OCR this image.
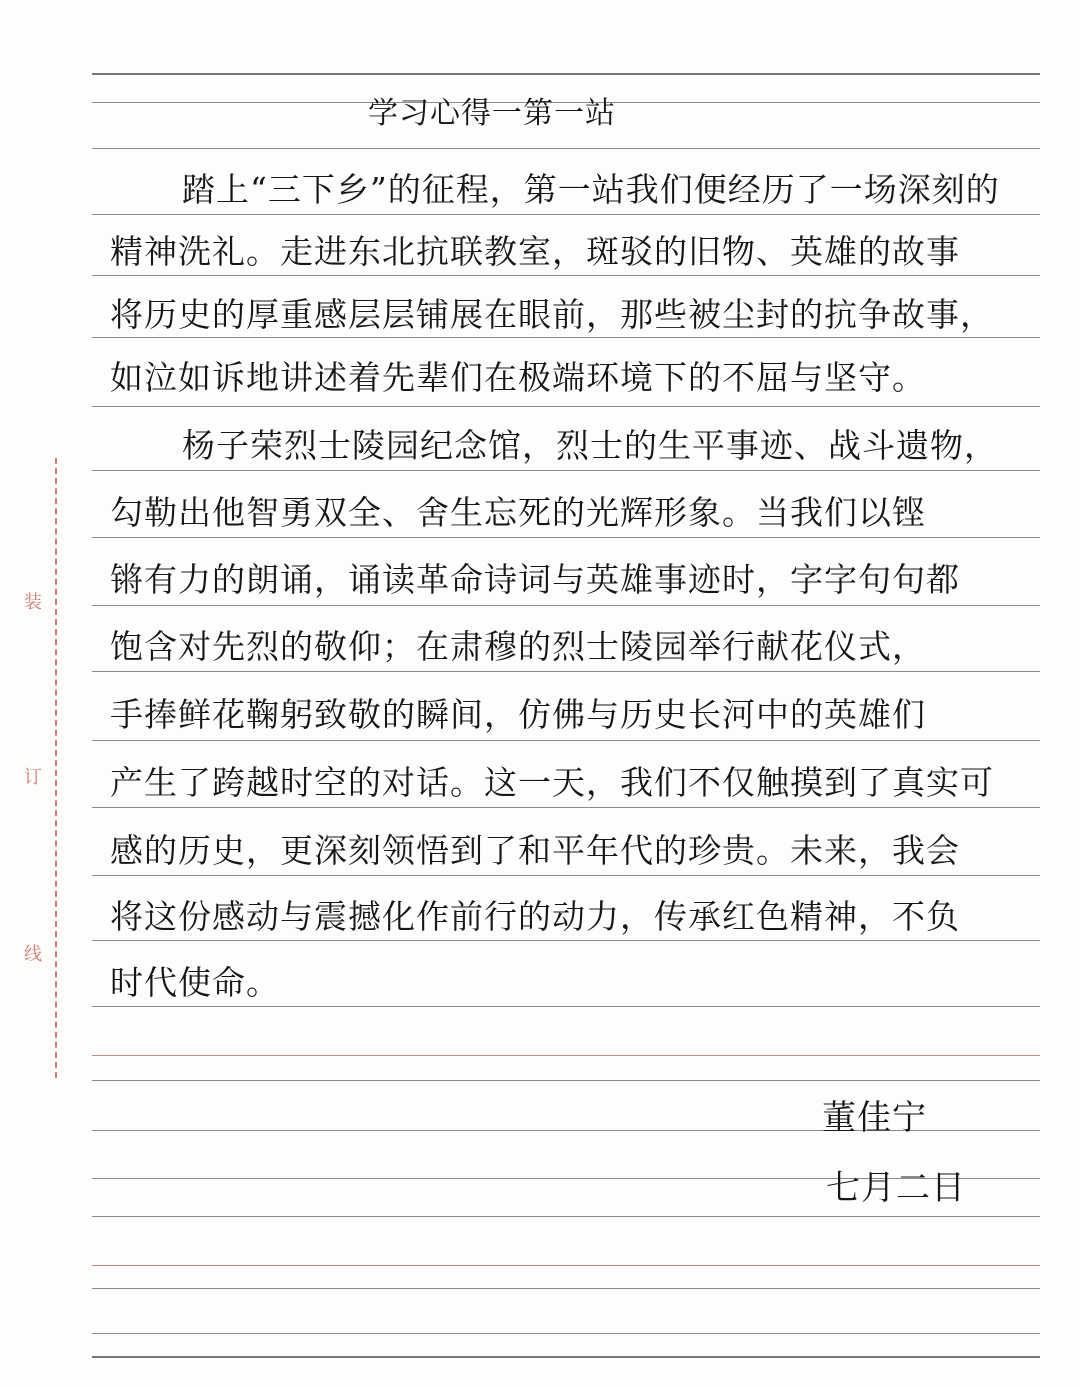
装
订
线
学习心得一第一站
踏上“三下乡”的征程，第一站我们便经历了一场深刻的
精神洗礼。走进东北抗联教室，斑驳的旧物、英雄的故事
将历史的厚重感层层铺展在眼前，那些被尘封的抗争故事，
如泣如诉地讲述着先辈们在极端环境下的不屈与坚守。
杨子荣烈士陵园纪念馆，烈士的生平事迹、战斗遗物，
勾勒出他智勇双全、舍生忘死的光辉形象。当我们以铿
锵有力的朗诵，诵读革命诗词与英雄事迹时，字字句句都
饱含对先烈的敬仰；在肃穆的烈士陵园举行献花仪式，
手捧鲜花鞠躬致敬的瞬间，仿佛与历史长河中的英雄们
产生了跨越时空的对话。这一天，我们不仅触摸到了真实可
感的历史，更深刻领悟到了和平年代的珍贵。未来，我会
将这份感动与震撼化作前行的动力，传承红色精神，不负
时代使命。
董佳宁
七月二日
